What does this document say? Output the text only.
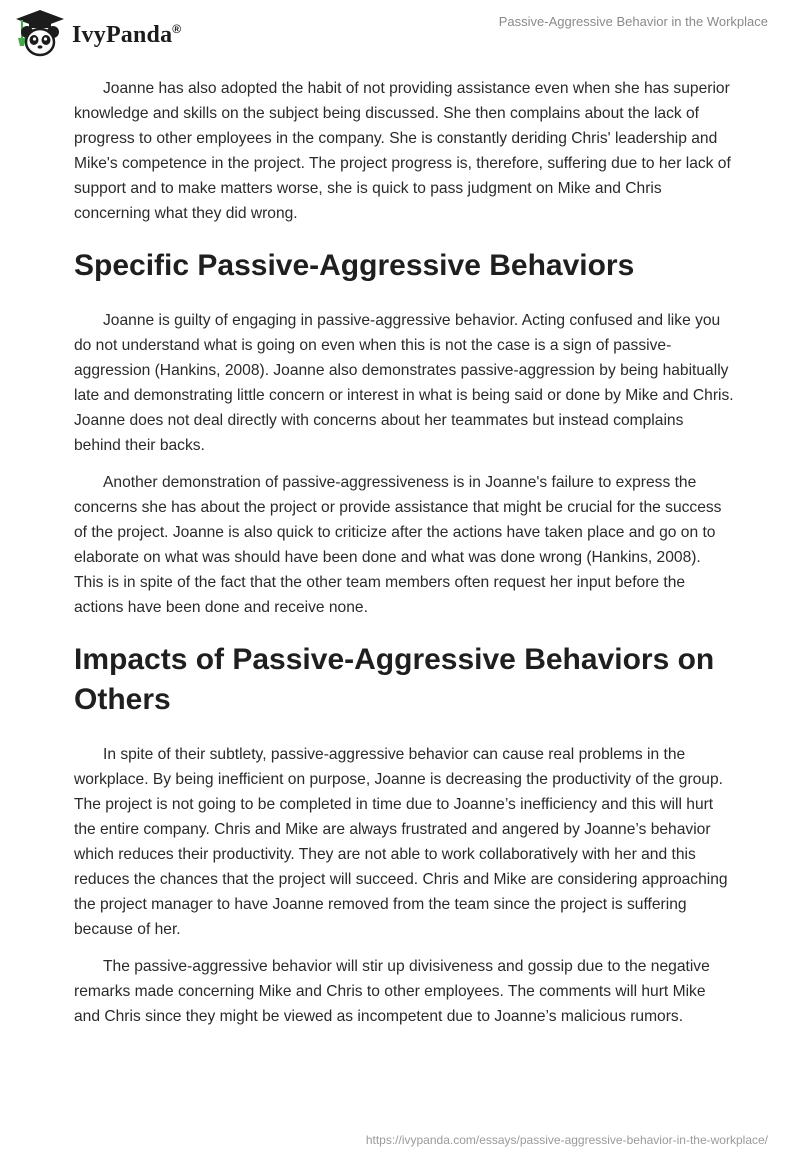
IvyPanda®	Passive-Aggressive Behavior in the Workplace

Joanne has also adopted the habit of not providing assistance even when she has superior knowledge and skills on the subject being discussed. She then complains about the lack of progress to other employees in the company. She is constantly deriding Chris' leadership and Mike's competence in the project. The project progress is, therefore, suffering due to her lack of support and to make matters worse, she is quick to pass judgment on Mike and Chris concerning what they did wrong.

Specific Passive-Aggressive Behaviors

Joanne is guilty of engaging in passive-aggressive behavior. Acting confused and like you do not understand what is going on even when this is not the case is a sign of passive-aggression (Hankins, 2008). Joanne also demonstrates passive-aggression by being habitually late and demonstrating little concern or interest in what is being said or done by Mike and Chris. Joanne does not deal directly with concerns about her teammates but instead complains behind their backs.

Another demonstration of passive-aggressiveness is in Joanne's failure to express the concerns she has about the project or provide assistance that might be crucial for the success of the project. Joanne is also quick to criticize after the actions have taken place and go on to elaborate on what was should have been done and what was done wrong (Hankins, 2008). This is in spite of the fact that the other team members often request her input before the actions have been done and receive none.

Impacts of Passive-Aggressive Behaviors on Others

In spite of their subtlety, passive-aggressive behavior can cause real problems in the workplace. By being inefficient on purpose, Joanne is decreasing the productivity of the group. The project is not going to be completed in time due to Joanne’s inefficiency and this will hurt the entire company. Chris and Mike are always frustrated and angered by Joanne’s behavior which reduces their productivity. They are not able to work collaboratively with her and this reduces the chances that the project will succeed. Chris and Mike are considering approaching the project manager to have Joanne removed from the team since the project is suffering because of her.

The passive-aggressive behavior will stir up divisiveness and gossip due to the negative remarks made concerning Mike and Chris to other employees. The comments will hurt Mike and Chris since they might be viewed as incompetent due to Joanne’s malicious rumors.

https://ivypanda.com/essays/passive-aggressive-behavior-in-the-workplace/
